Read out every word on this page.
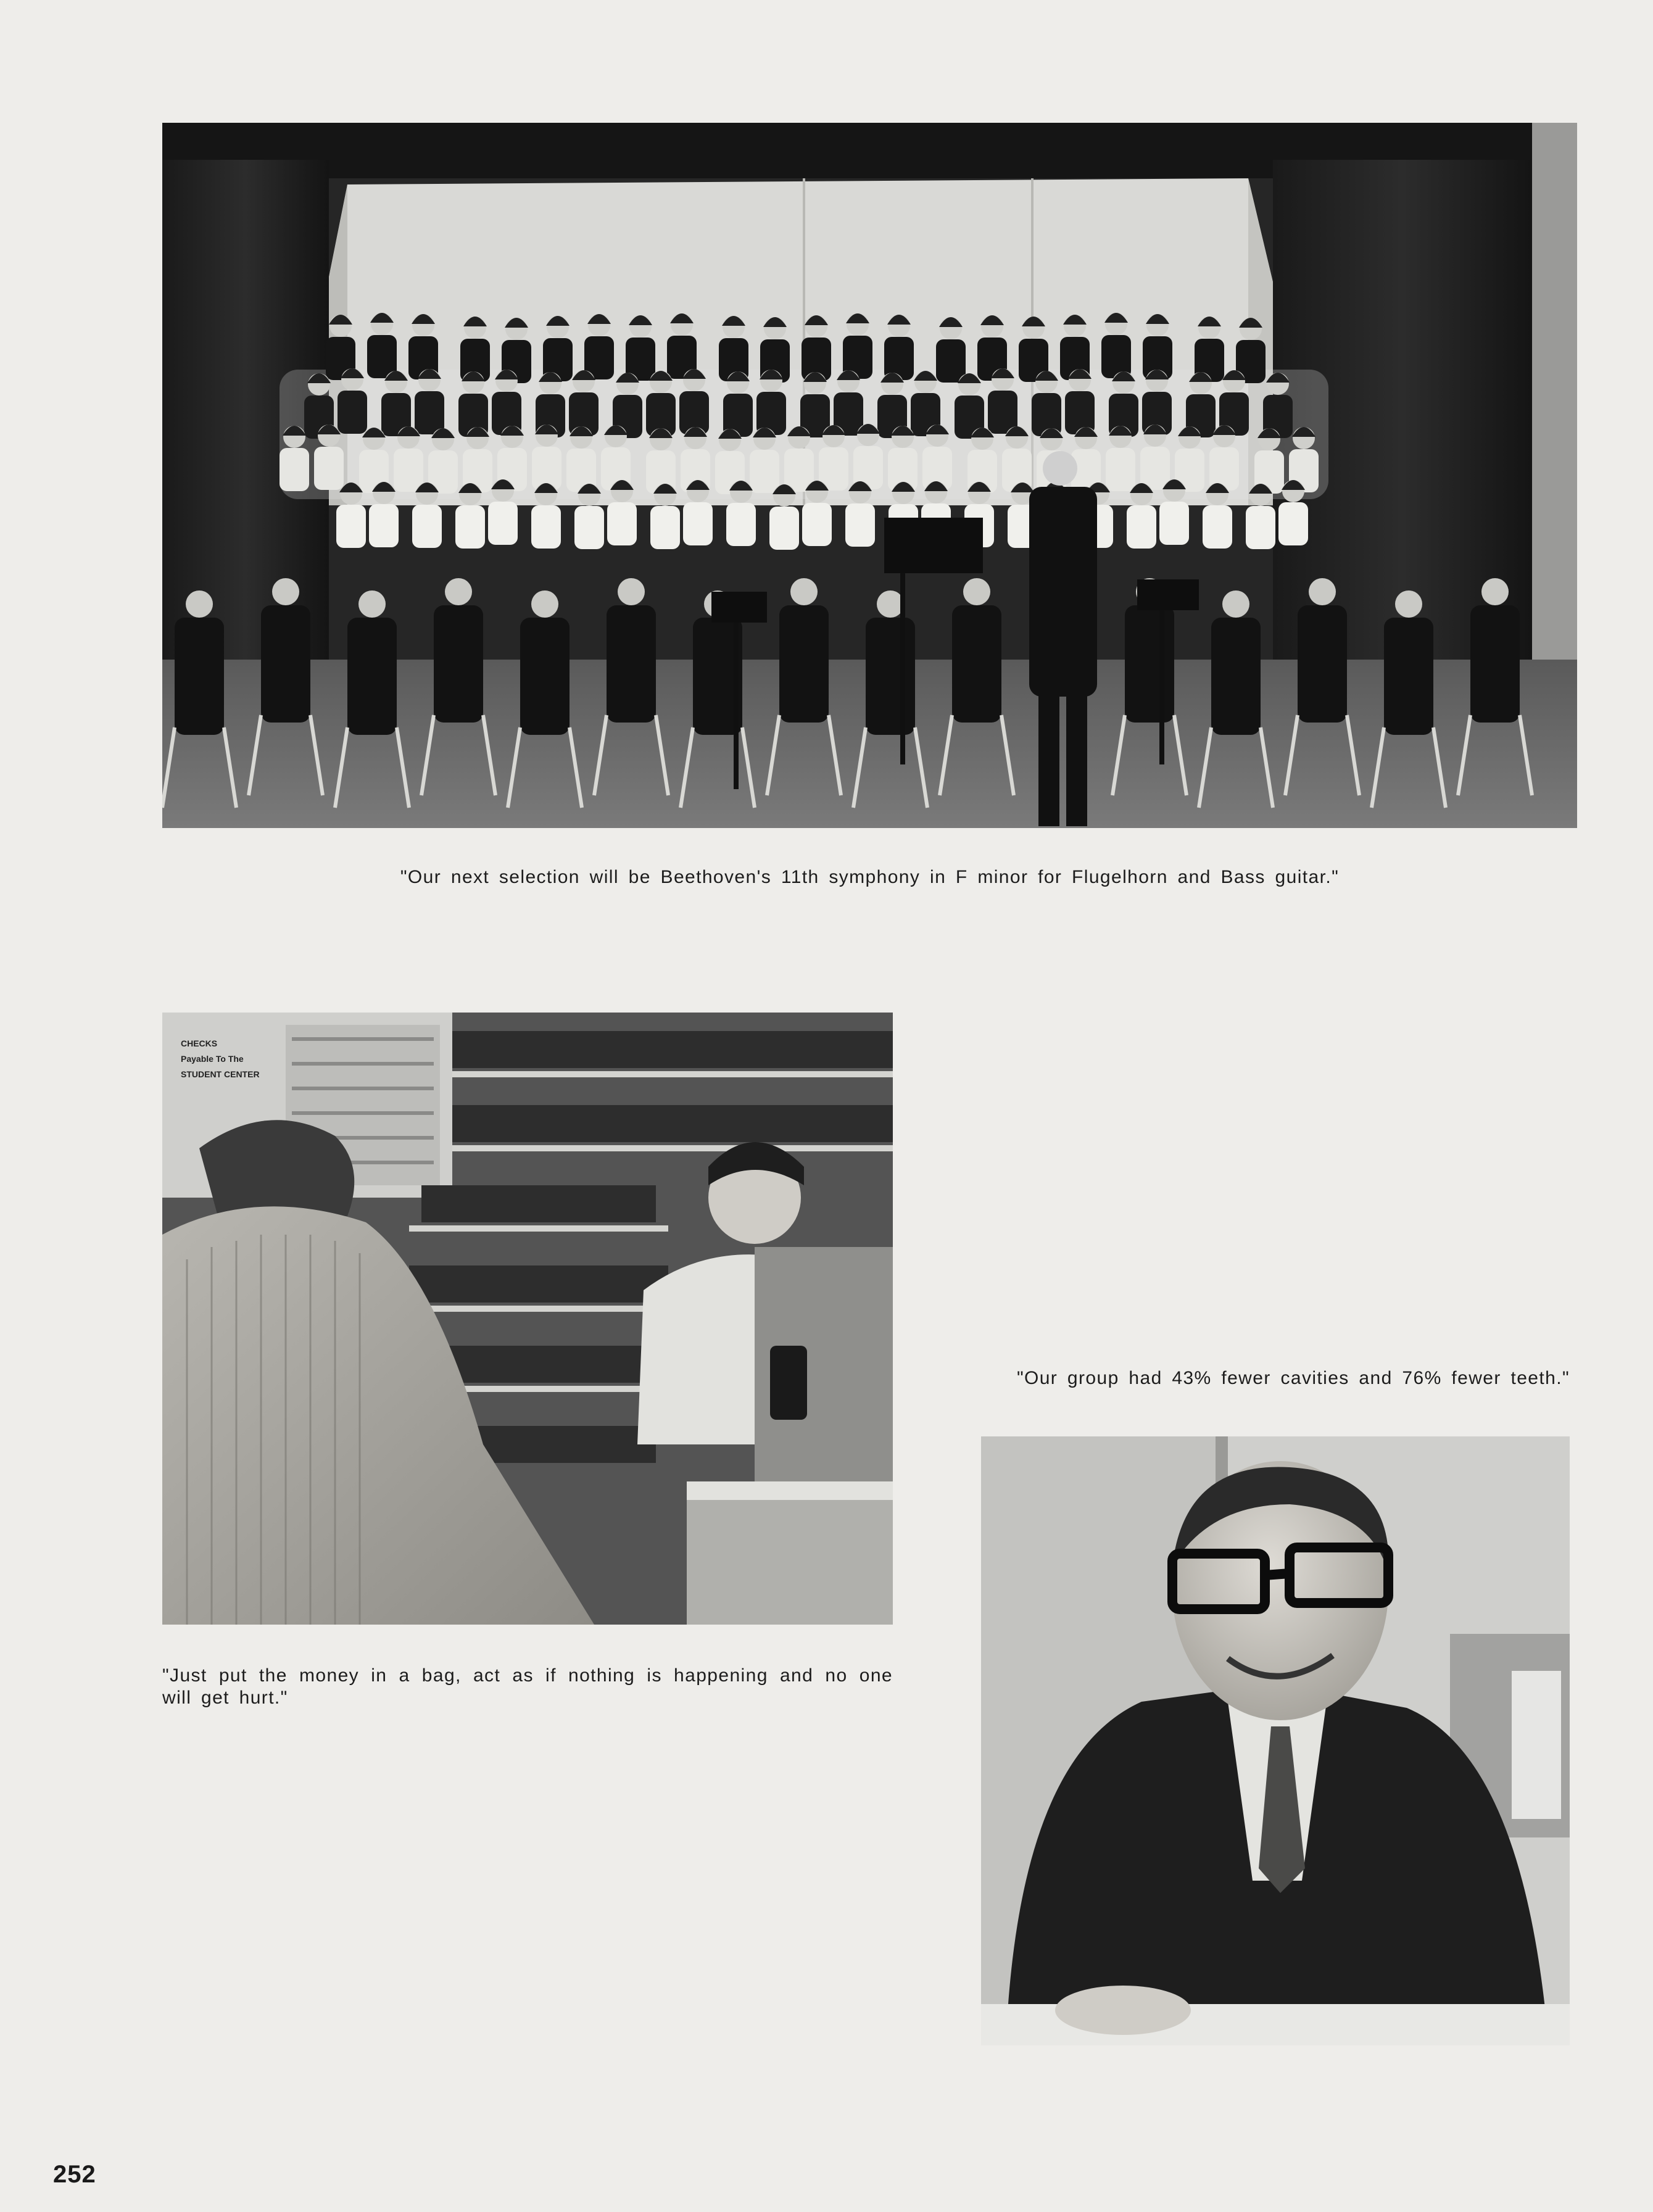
"Our next selection will be Beethoven's 11th symphony in F minor for Flugelhorn and Bass guitar."
CHECKS
Payable To The
STUDENT CENTER
"Just put the money in a bag, act as if nothing is happening and no one will get hurt."
"Our group had 43% fewer cavities and 76% fewer teeth."
252
